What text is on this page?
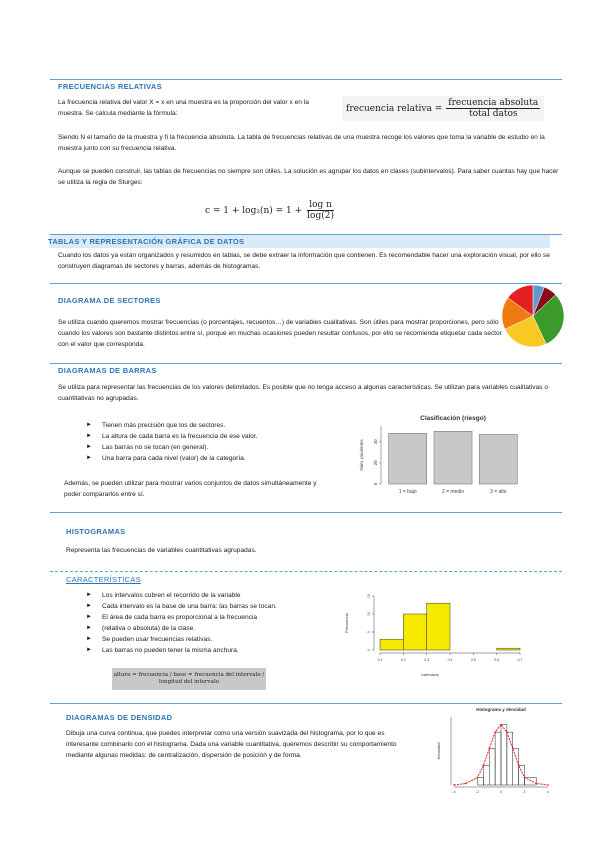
FRECUENCIAS RELATIVAS
La frecuencia relativa del valor X = x en una muestra es la proporción del valor x en la muestra. Se calcula mediante la fórmula:	frecuencia relativa = $\frac{\text{frecuencia absoluta}}{\text{total datos}}$
Siendo N el tamaño de la muestra y fi la frecuencia absoluta. La tabla de frecuencias relativas de una muestra recoge los valores que toma la variable de estudio en la muestra junto con su frecuencia relativa.
Aunque se pueden construir, las tablas de frecuencias no siempre son útiles. La solución es agrupar los datos en clases (subintervalos). Para saber cuantas hay que hacer se utiliza la regla de Sturges:
$c = 1 + \log_2(n) = 1 + \frac{\text{log n}}{\log(2)}$
TABLAS Y REPRESENTACIÓN GRÁFICA DE DATOS
Cuando los datos ya están organizados y resumidos en tablas, se debe extraer la información que contienen. Es recomendable hacer una exploración visual, por ello se construyen diagramas de sectores y barras, además de histogramas.
DIAGRAMA DE SECTORES
Se utiliza cuando queremos mostrar frecuencias (o porcentajes, recuentos…) de variables cualitativas. Son útiles para mostrar proporciones, pero sólo cuando los valores son bastante distintos entre sí, porque en muchas ocasiones pueden resultar confusos, por ello se recomienda etiquetar cada sector con el valor que corresponda.
DIAGRAMAS DE BARRAS
Se utiliza para representar las frecuencias de los valores delimitados. Es posible que no tenga acceso a algunas características. Se utilizan para variables cualitativas o cuantitativas no agrupadas.
► Tienen más precisión que los de sectores.
► La altura de cada barra es la frecuencia de ese valor.
► Las barras no se tocan (en general).
► Una barra para cada nivel (valor) de la categoría.
Además, se pueden utilizar para mostrar varios conjuntos de datos simultáneamente y poder compararlos entre sí.
Clasificación (riesgo)
Núm. pacientes
0
20
40
1 = bajo	2 = medio	3 = alto
HISTOGRAMAS
Representa las frecuencias de variables cuantitativas agrupadas.
CARACTERÍSTICAS
► Los intervalos cubren el recorrido de la variable
► Cada intervalo es la base de una barra: las barras se tocan.
► El área de cada barra es proporcional a la frecuencia
► (relativa o absoluta) de la clase.
► Se pueden usar frecuencias relativas.
► Las barras no pueden tener la misma anchura.
altura = frecuencia / base = frecuencia del intervalo / longitud del intervalo
0
5
10
15
Frecuencia
0.1	0.2	0.3	0.4	0.5	0.6	0.7
Intervalos
DIAGRAMAS DE DENSIDAD
Dibuja una curva continua, que puedes interpretar como una versión suavizada del histograma, por lo que es interesante combinarlo con el histograma. Dada una variable cuantitativa, queremos describir su comportamiento mediante algunas medidas: de centralización, dispersión de posición y de forma.
Histograma y densidad
Densidad
-4	-2	0	2	4
